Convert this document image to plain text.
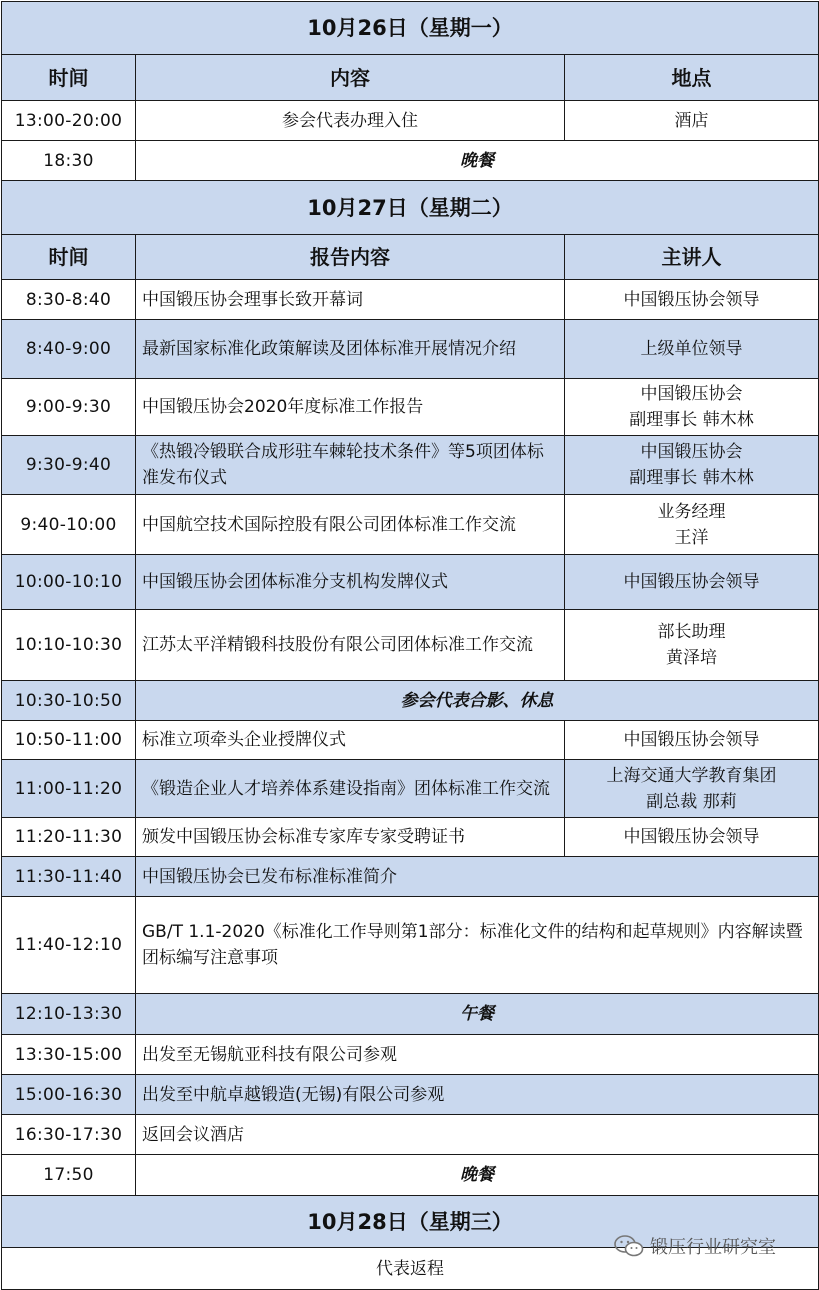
10月26日（星期一）		
时间	内容	地点
13:00-20:00	参会代表办理入住	酒店
18:30	晚餐	
10月27日（星期二）		
时间	报告内容	主讲人
8:30-8:40	中国锻压协会理事长致开幕词	中国锻压协会领导

8:40-9:00	最新国家标准化政策解读及团体标准开展情况介绍	上级单位领导

9:00-9:30	中国锻压协会2020年度标准工作报告	中国锻压协会
副理事长 韩木林

9:30-9:40	《热锻冷锻联合成形驻车棘轮技术条件》等5项团体标准发布仪式	中国锻压协会
副理事长 韩木林

9:40-10:00	中国航空技术国际控股有限公司团体标准工作交流	业务经理
王洋

10:00-10:10	中国锻压协会团体标准分支机构发牌仪式	中国锻压协会领导

10:10-10:30	江苏太平洋精锻科技股份有限公司团体标准工作交流	部长助理
黄泽培

10:30-10:50	参会代表合影、休息	
10:50-11:00	标准立项牵头企业授牌仪式	中国锻压协会领导

11:00-11:20	《锻造企业人才培养体系建设指南》团体标准工作交流	上海交通大学教育集团
副总裁 那莉

11:20-11:30	颁发中国锻压协会标准专家库专家受聘证书	中国锻压协会领导

11:30-11:40	中国锻压协会已发布标准标准简介	
11:40-12:10	GB/T 1.1-2020《标准化工作导则第1部分：标准化文件的结构和起草规则》内容解读暨团标编写注意事项	
12:10-13:30	午餐	
13:30-15:00	出发至无锡航亚科技有限公司参观	
15:00-16:30	出发至中航卓越锻造(无锡)有限公司参观	
16:30-17:30	返回会议酒店	
17:50	晚餐	
10月28日（星期三）		
代表返程		
锻压行业研究室
